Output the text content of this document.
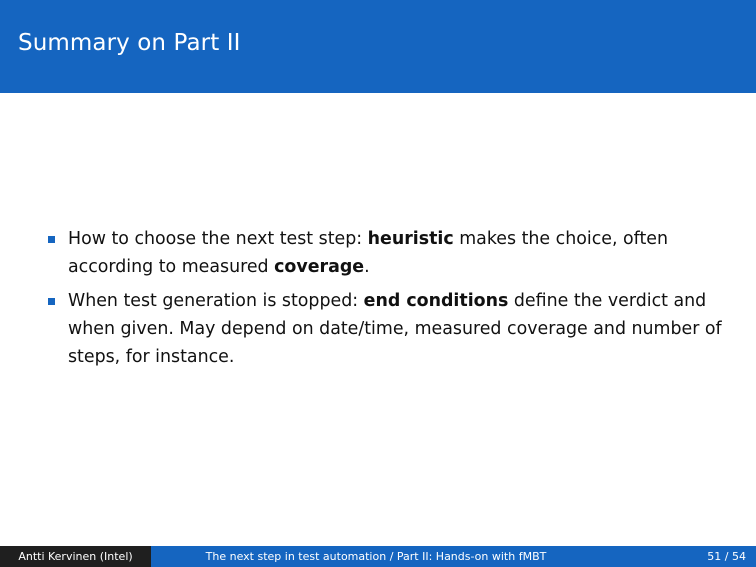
Summary on Part II
How to choose the next test step: heuristic makes the choice, often according to measured coverage.
When test generation is stopped: end conditions define the verdict and when given. May depend on date/time, measured coverage and number of steps, for instance.
Antti Kervinen (Intel)	The next step in test automation / Part II: Hands-on with fMBT	51 / 54
